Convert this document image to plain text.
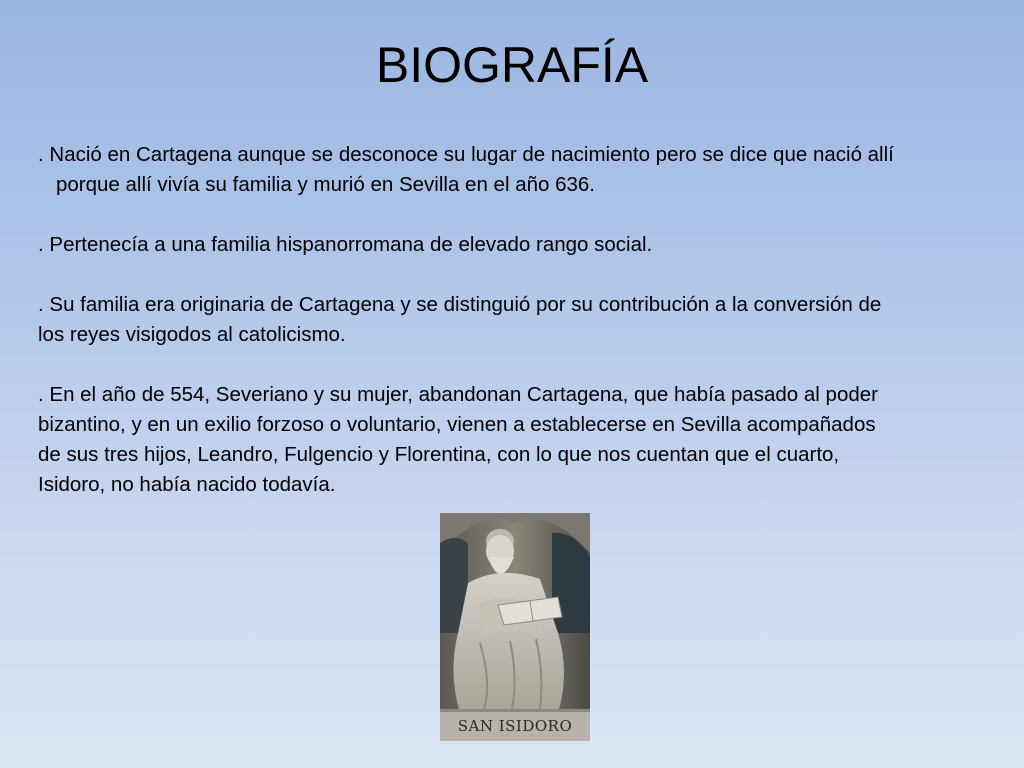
BIOGRAFÍA
. Nació en Cartagena aunque se desconoce su lugar de nacimiento pero se dice que nació allí
porque allí vivía su familia y murió en Sevilla en el año 636.
. Pertenecía a una familia hispanorromana de elevado rango social.
. Su familia era originaria de Cartagena y se distinguió por su contribución a la conversión de
los reyes visigodos al catolicismo.
. En el año de 554, Severiano y su mujer, abandonan Cartagena, que había pasado al poder
bizantino, y en un exilio forzoso o voluntario, vienen a establecerse en Sevilla acompañados
de sus tres hijos, Leandro, Fulgencio y Florentina, con lo que nos cuentan que el cuarto,
Isidoro, no había nacido todavía.
SAN ISIDORO
